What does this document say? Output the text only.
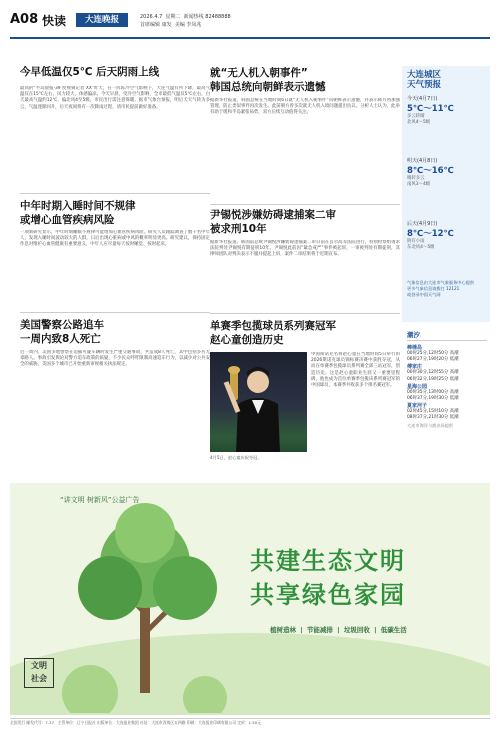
A08 快读	大连晚报	2026.4.7 星期二 新闻热线 82488888
首席编辑 康发 美编 李凤兆
今早低温仅5℃ 后天阴雨上线
最高的“半岛晨报·39 度视频记者 XX”昨天，在一阵阵冷空气影响下，大连气温有所下降，最高气温仅在15℃左右，风力较大，体感偏凉。今天早晨，受冷空气影响，全市最低气温仅5℃左右，白天最高气温约12℃，偏北风4至5级，市民出行需注意保暖。据市气象台预报，明后天天气转为多云，气温逐渐回升，后天夜间将有一次降雨过程，请市民提前做好准备。
中年时期入睡时间不规律
或增心血管疾病风险
一项新研究显示，中年时期睡眠不规律可能增加心血管疾病风险。研究人员跟踪调查了数千名中年人，发现入睡时间波动较大的人群，日后出现心脏病或中风的概率明显更高。研究建议，保持固定作息对维护心血管健康有重要意义，中年人应尽量每天按时睡觉、按时起床。
美国警察公路追车
一周内致8人死亡
近一周内，美国多地警察在追捕可疑车辆时发生严重交通事故，共造成8人死亡，其中包括多名无辜路人。事故引发舆论对警方追车政策的质疑，不少民众呼吁限制高速追车行为，以减少对公共安全的威胁。美国多个城市已开始重新审视相关执法规定。
就“无人机入朝事件”
韩国总统向朝鲜表示遗憾
据新华社报道，韩国总统在当地时间6日就“无人机入朝事件”向朝鲜表示遗憾，并表示韩方将加强管理，防止类似事件再次发生。此前朝方曾多次就无人机入境问题提出抗议。分析人士认为，此举有助于缓和半岛紧张局势，双方后续互动值得关注。
尹锡悦涉嫌妨碍逮捕案二审
被求刑10年
据新华社报道，韩国前总统尹锡悦涉嫌妨碍逮捕案二审日前在首尔高等法院进行，特别检察组请求法院判处尹锡悦有期徒刑10年。尹锡悦此前因“紧急戒严”事件被起诉，一审被判处有期徒刑，其律师团队对判决表示不服并提起上诉，案件二审结果将于近期宣布。
单赛季包揽球员系列赛冠军
赵心童创造历史
4月5日，赵心童庆祝夺冠。
中国斯诺克名将赵心童在当地时间5日举行的2026斯诺克球员锦标赛决赛中获胜夺冠，从而在单赛季包揽球员系列赛全部三站冠军，创造历史。这是赵心童职业生涯又一重要里程碑，他也成为首位单赛季包揽该系列赛冠军的中国球员，本赛季共收获多个排名赛冠军。
大连城区
天气预报
今天(4月7日)
5℃～11℃
多云转晴
北风4～5级
明天(4月8日)
8℃～16℃
晴转多云
南风3～4级
后天(4月9日)
8℃～12℃
阴有小雨
东北风4～5级
气象信息由大连市气象服务中心提供
更多气象信息请拨打 12121
或登录中国天气网
潮汐
棒棰岛
00时25分,12时50分 高潮
06时27分,19时20分 低潮
傅家庄
00时30分,12时55分 高潮
06时32分,19时25分 低潮
星海公园
00时35分,13时00分 高潮
06时37分,19时30分 低潮
夏家河子
02时45分,15时10分 高潮
08时37分,21时30分 低潮
大连市海洋与渔业局提供
“讲文明 树新风”公益广告
文明
社会
共建生态文明
共享绿色家园
植树造林 | 节能减排 | 垃圾回收 | 低碳生活
全国发行 邮发代号：7-37　主管单位：辽宁日报社 出版单位：大连报业集团 社址：大连市西岗区五四路 印刷：大连报业印刷有限公司 定价：1.50元
